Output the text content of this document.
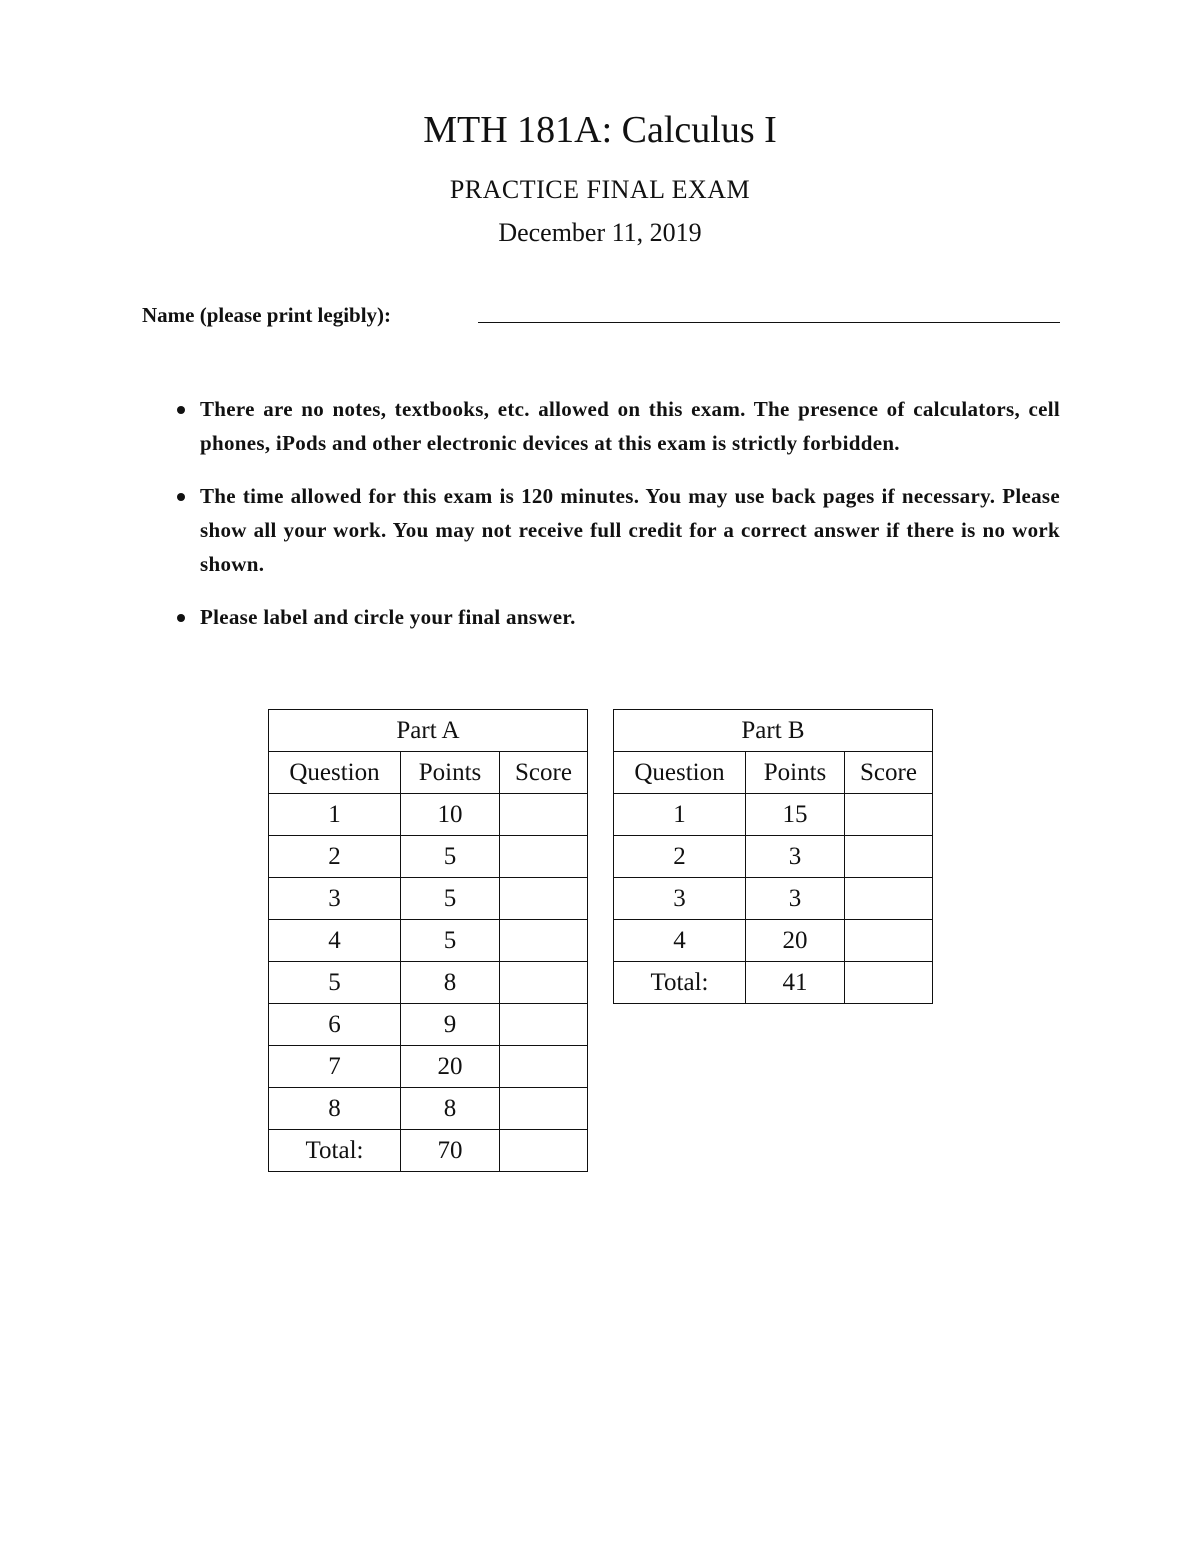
MTH 181A: Calculus I
PRACTICE FINAL EXAM
December 11, 2019
Name (please print legibly):
There are no notes, textbooks, etc. allowed on this exam. The presence of calculators, cell phones, iPods and other electronic devices at this exam is strictly forbidden.
The time allowed for this exam is 120 minutes. You may use back pages if necessary. Please show all your work. You may not receive full credit for a correct answer if there is no work shown.
Please label and circle your final answer.
Part A		
Question	Points	Score
1	10	
2	5	
3	5	
4	5	
5	8	
6	9	
7	20	
8	8	
Total:	70	
Part B		
Question	Points	Score
1	15	
2	3	
3	3	
4	20	
Total:	41	
